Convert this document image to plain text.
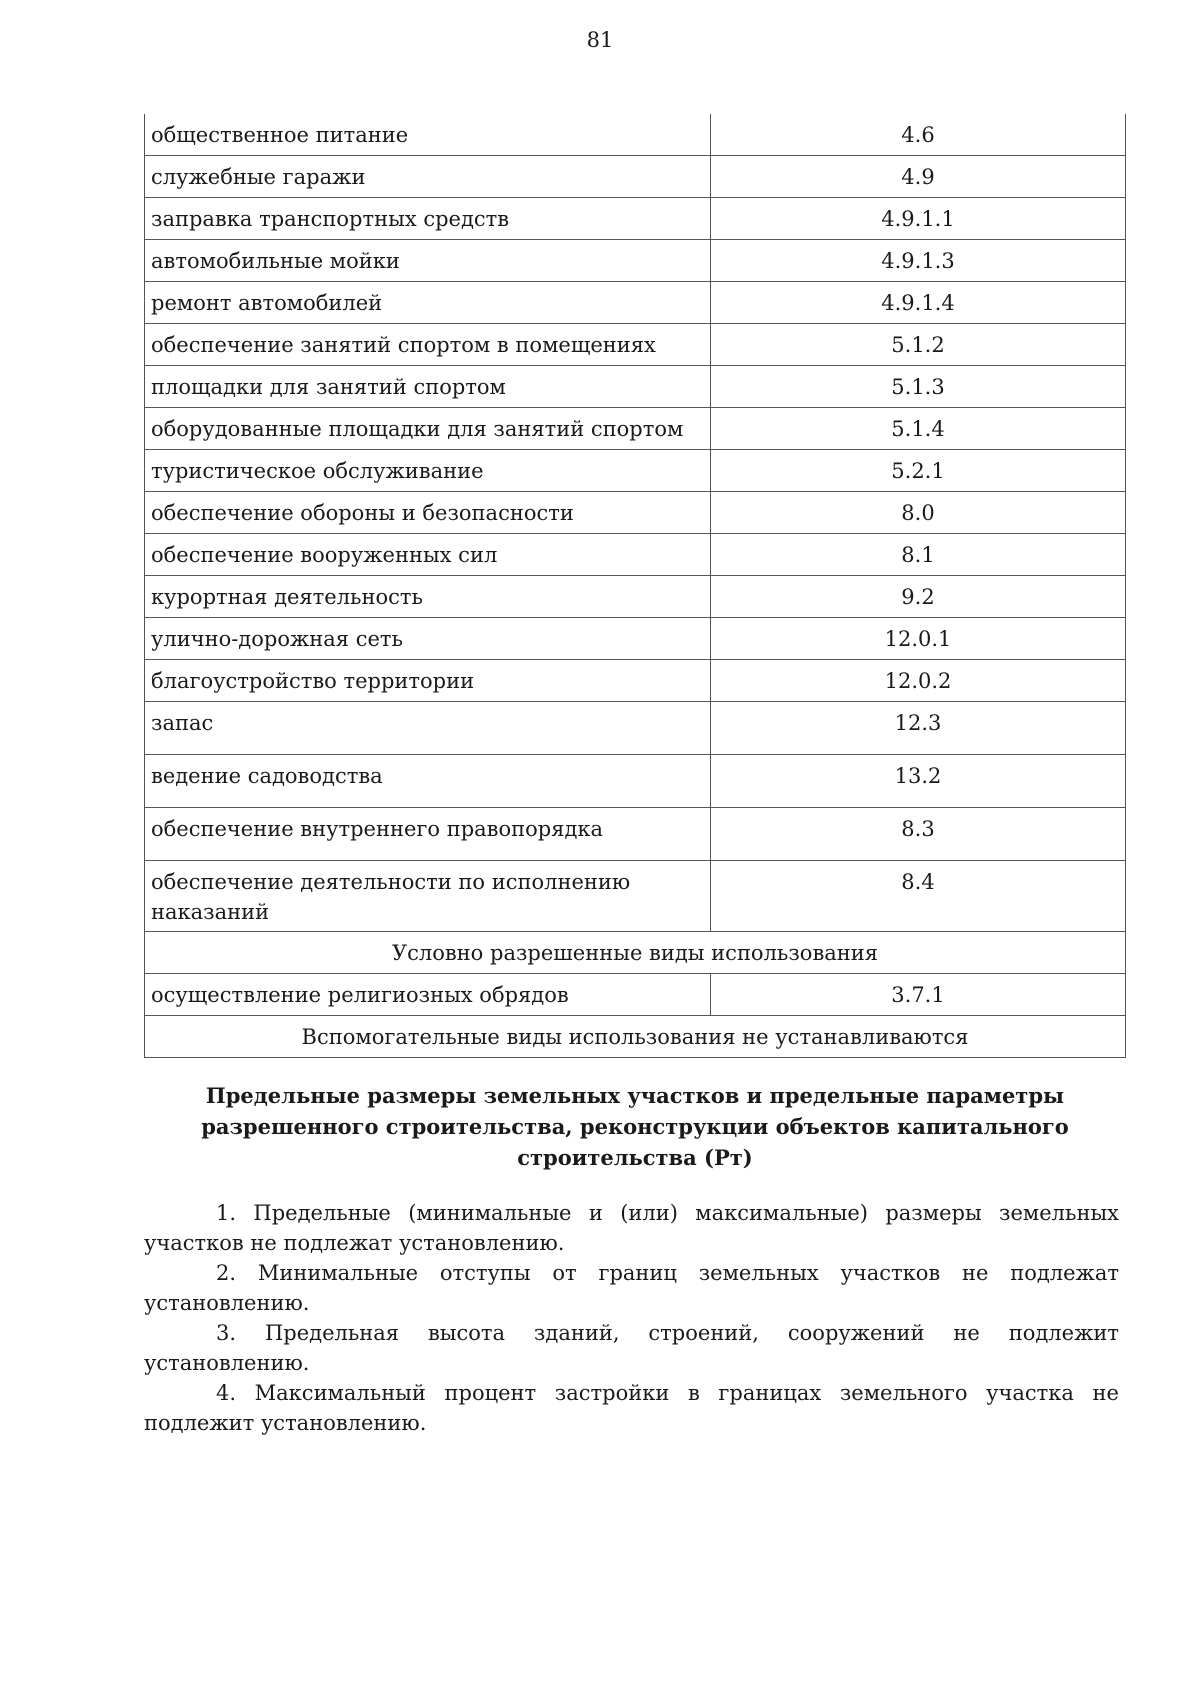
81
общественное питание	4.6
служебные гаражи	4.9
заправка транспортных средств	4.9.1.1
автомобильные мойки	4.9.1.3
ремонт автомобилей	4.9.1.4
обеспечение занятий спортом в помещениях	5.1.2
площадки для занятий спортом	5.1.3
оборудованные площадки для занятий спортом	5.1.4
туристическое обслуживание	5.2.1
обеспечение обороны и безопасности	8.0
обеспечение вооруженных сил	8.1
курортная деятельность	9.2
улично-дорожная сеть	12.0.1
благоустройство территории	12.0.2
запас	12.3
ведение садоводства	13.2
обеспечение внутреннего правопорядка	8.3
обеспечение деятельности по исполнению наказаний	8.4
Условно разрешенные виды использования	
осуществление религиозных обрядов	3.7.1
Вспомогательные виды использования не устанавливаются	
Предельные размеры земельных участков и предельные параметры разрешенного строительства, реконструкции объектов капитального строительства (Рт)

1. Предельные (минимальные и (или) максимальные) размеры земельных участков не подлежат установлению.

2. Минимальные отступы от границ земельных участков не подлежат установлению.

3. Предельная высота зданий, строений, сооружений не подлежит установлению.

4. Максимальный процент застройки в границах земельного участка не подлежит установлению.
